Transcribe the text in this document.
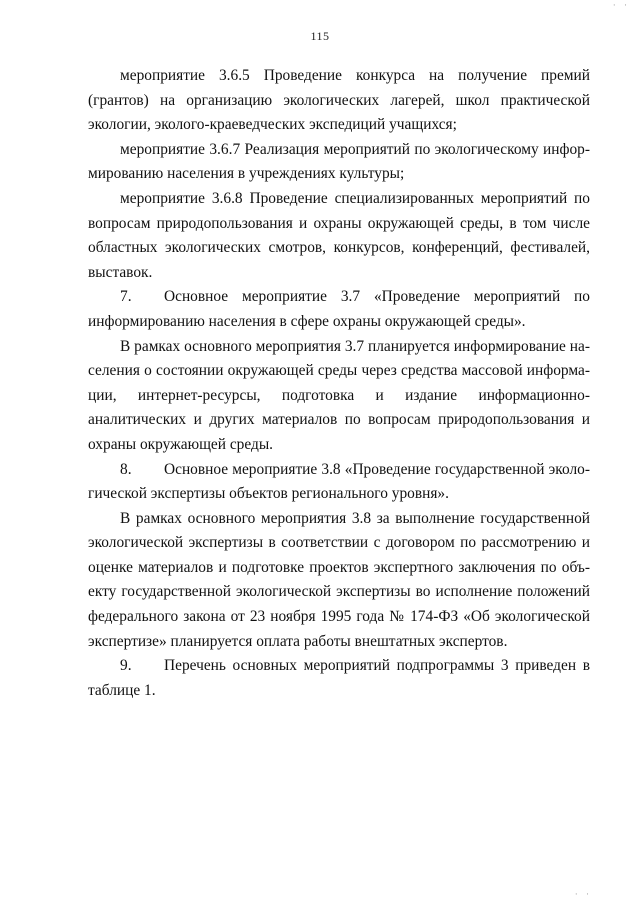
· ·
115

мероприятие 3.6.5 Проведение конкурса на получение премий (грантов) на организацию экологических лагерей, школ практической экологии, эколого-краеведческих экспедиций учащихся;

мероприятие 3.6.7 Реализация мероприятий по экологическому информированию населения в учреждениях культуры;

мероприятие 3.6.8 Проведение специализированных мероприятий по вопросам природопользования и охраны окружающей среды, в том числе областных экологических смотров, конкурсов, конференций, фестивалей, выставок.

7. Основное мероприятие 3.7 «Проведение мероприятий по информированию населения в сфере охраны окружающей среды».

В рамках основного мероприятия 3.7 планируется информирование населения о состоянии окружающей среды через средства массовой информации, интернет-ресурсы, подготовка и издание информационно-аналитических и других материалов по вопросам природопользования и охраны окружающей среды.

8. Основное мероприятие 3.8 «Проведение государственной экологической экспертизы объектов регионального уровня».

В рамках основного мероприятия 3.8 за выполнение государственной экологической экспертизы в соответствии с договором по рассмотрению и оценке материалов и подготовке проектов экспертного заключения по объекту государственной экологической экспертизы во исполнение положений федерального закона от 23 ноября 1995 года № 174-ФЗ «Об экологической экспертизе» планируется оплата работы внештатных экспертов.

9. Перечень основных мероприятий подпрограммы 3 приведен в таблице 1.

· ·
